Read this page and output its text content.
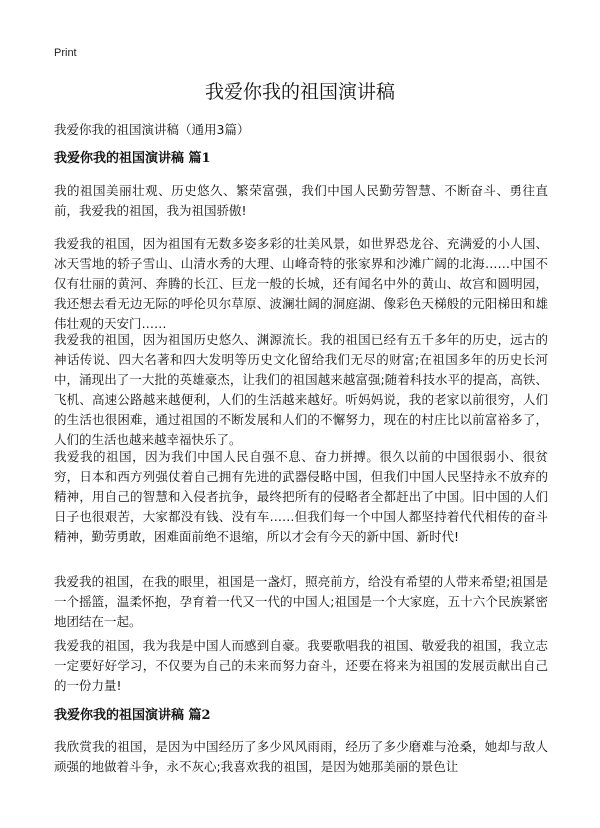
Print
我爱你我的祖国演讲稿
我爱你我的祖国演讲稿（通用3篇）
我爱你我的祖国演讲稿 篇1
我的祖国美丽壮观、历史悠久、繁荣富强，我们中国人民勤劳智慧、不断奋斗、勇往直前，我爱我的祖国，我为祖国骄傲!
我爱我的祖国，因为祖国有无数多姿多彩的壮美风景，如世界恐龙谷、充满爱的小人国、冰天雪地的轿子雪山、山清水秀的大理、山峰奇特的张家界和沙滩广阔的北海……中国不仅有壮丽的黄河、奔腾的长江、巨龙一般的长城，还有闻名中外的黄山、故宫和圆明园，我还想去看无边无际的呼伦贝尔草原、波澜壮阔的洞庭湖、像彩色天梯般的元阳梯田和雄伟壮观的天安门……
我爱我的祖国，因为祖国历史悠久、渊源流长。我的祖国已经有五千多年的历史，远古的神话传说、四大名著和四大发明等历史文化留给我们无尽的财富;在祖国多年的历史长河中，涌现出了一大批的英雄豪杰，让我们的祖国越来越富强;随着科技水平的提高，高铁、飞机、高速公路越来越便利，人们的生活越来越好。听妈妈说，我的老家以前很穷，人们的生活也很困难，通过祖国的不断发展和人们的不懈努力，现在的村庄比以前富裕多了，人们的生活也越来越幸福快乐了。
我爱我的祖国，因为我们中国人民自强不息、奋力拼搏。很久以前的中国很弱小、很贫穷，日本和西方列强仗着自己拥有先进的武器侵略中国，但我们中国人民坚持永不放弃的精神，用自己的智慧和入侵者抗争，最终把所有的侵略者全都赶出了中国。旧中国的人们日子也很艰苦，大家都没有钱、没有车……但我们每一个中国人都坚持着代代相传的奋斗精神，勤劳勇敢，困难面前绝不退缩，所以才会有今天的新中国、新时代!
我爱我的祖国，在我的眼里，祖国是一盏灯，照亮前方，给没有希望的人带来希望;祖国是一个摇篮，温柔怀抱，孕育着一代又一代的中国人;祖国是一个大家庭，五十六个民族紧密地团结在一起。
我爱我的祖国，我为我是中国人而感到自豪。我要歌唱我的祖国、敬爱我的祖国，我立志一定要好好学习，不仅要为自己的未来而努力奋斗，还要在将来为祖国的发展贡献出自己的一份力量!
我爱你我的祖国演讲稿 篇2
我欣赏我的祖国，是因为中国经历了多少风风雨雨，经历了多少磨难与沧桑，她却与敌人顽强的地做着斗争，永不灰心;我喜欢我的祖国，是因为她那美丽的景色让
